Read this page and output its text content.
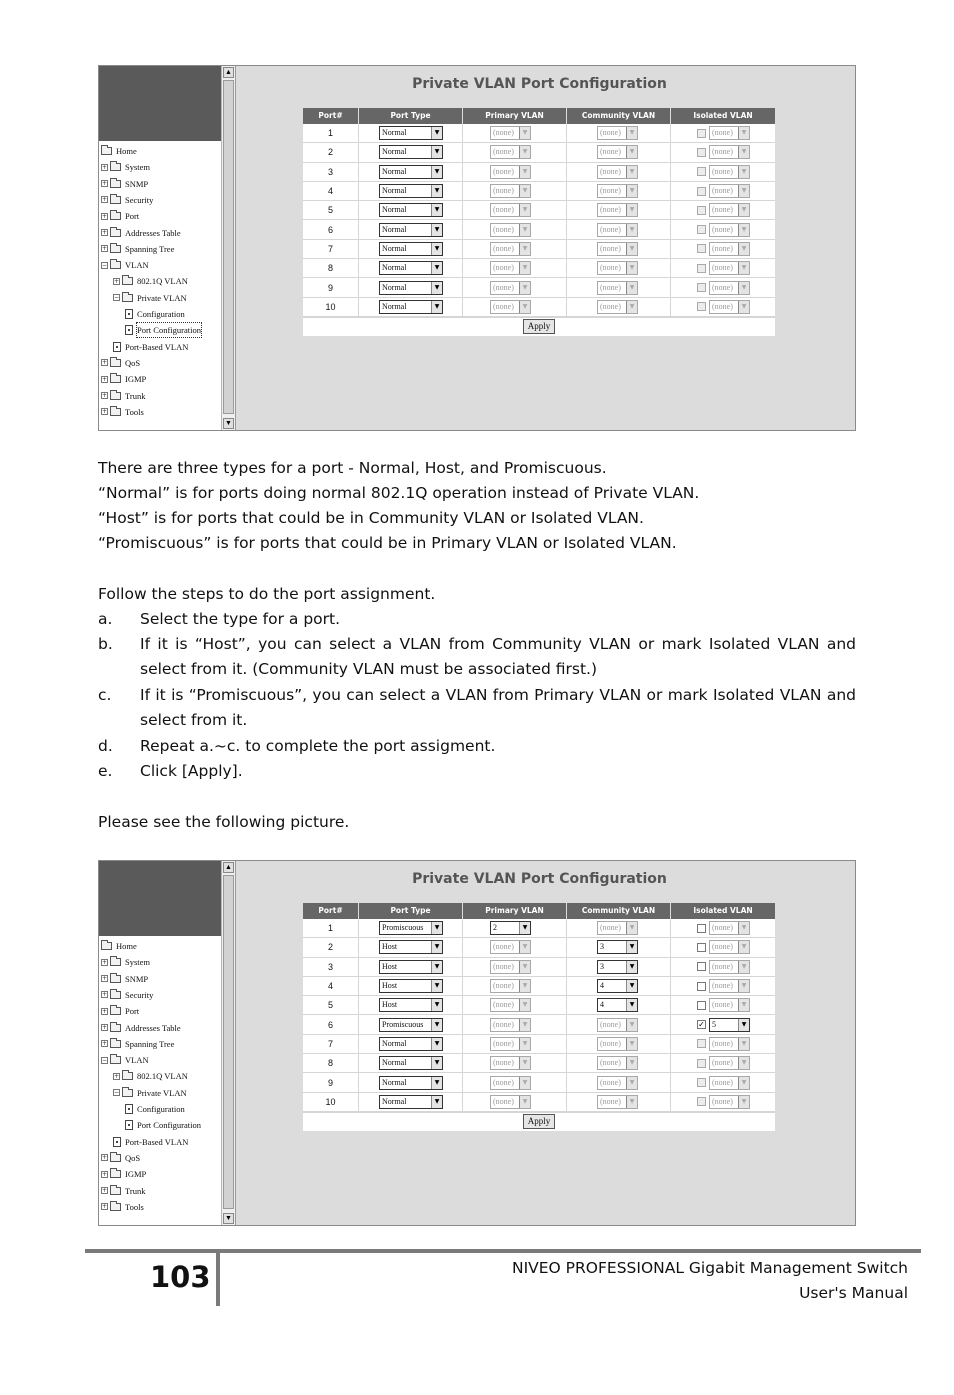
▲
▼
Home
+ System
+ SNMP
+ Security
+ Port
+ Addresses Table
+ Spanning Tree
− VLAN
+ 802.1Q VLAN
− Private VLAN
Configuration
Port Configuration
Port-Based VLAN
+ QoS
+ IGMP
+ Trunk
+ Tools
Private VLAN Port Configuration
Port#	Port Type	Primary VLAN	Community VLAN	Isolated VLAN
1	Normal	▼	(none)	▼	(none)	▼	(none)	▼
2	Normal	▼	(none)	▼	(none)	▼	(none)	▼
3	Normal	▼	(none)	▼	(none)	▼	(none)	▼
4	Normal	▼	(none)	▼	(none)	▼	(none)	▼
5	Normal	▼	(none)	▼	(none)	▼	(none)	▼
6	Normal	▼	(none)	▼	(none)	▼	(none)	▼
7	Normal	▼	(none)	▼	(none)	▼	(none)	▼
8	Normal	▼	(none)	▼	(none)	▼	(none)	▼
9	Normal	▼	(none)	▼	(none)	▼	(none)	▼
10	Normal	▼	(none)	▼	(none)	▼	(none)	▼
Apply
There are three types for a port - Normal, Host, and Promiscuous.
“Normal” is for ports doing normal 802.1Q operation instead of Private VLAN.
“Host” is for ports that could be in Community VLAN or Isolated VLAN.
“Promiscuous” is for ports that could be in Primary VLAN or Isolated VLAN.
Follow the steps to do the port assignment.
a. Select the type for a port.
b. If it is “Host”, you can select a VLAN from Community VLAN or mark Isolated VLAN and select from it. (Community VLAN must be associated first.)
c. If it is “Promiscuous”, you can select a VLAN from Primary VLAN or mark Isolated VLAN and select from it.
d. Repeat a.~c. to complete the port assigment.
e. Click [Apply].
Please see the following picture.
▲
▼
Home
+ System
+ SNMP
+ Security
+ Port
+ Addresses Table
+ Spanning Tree
− VLAN
+ 802.1Q VLAN
− Private VLAN
Configuration
Port Configuration
Port-Based VLAN
+ QoS
+ IGMP
+ Trunk
+ Tools
Private VLAN Port Configuration
Port#	Port Type	Primary VLAN	Community VLAN	Isolated VLAN
1	Promiscuous	▼	2	▼	(none)	▼	(none)	▼
2	Host	▼	(none)	▼	3	▼	(none)	▼
3	Host	▼	(none)	▼	3	▼	(none)	▼
4	Host	▼	(none)	▼	4	▼	(none)	▼
5	Host	▼	(none)	▼	4	▼	(none)	▼
6	Promiscuous	▼	(none)	▼	(none)	▼	✓ 5	▼
7	Normal	▼	(none)	▼	(none)	▼	(none)	▼
8	Normal	▼	(none)	▼	(none)	▼	(none)	▼
9	Normal	▼	(none)	▼	(none)	▼	(none)	▼
10	Normal	▼	(none)	▼	(none)	▼	(none)	▼
Apply
103	NIVEO PROFESSIONAL Gigabit Management Switch
User's Manual
